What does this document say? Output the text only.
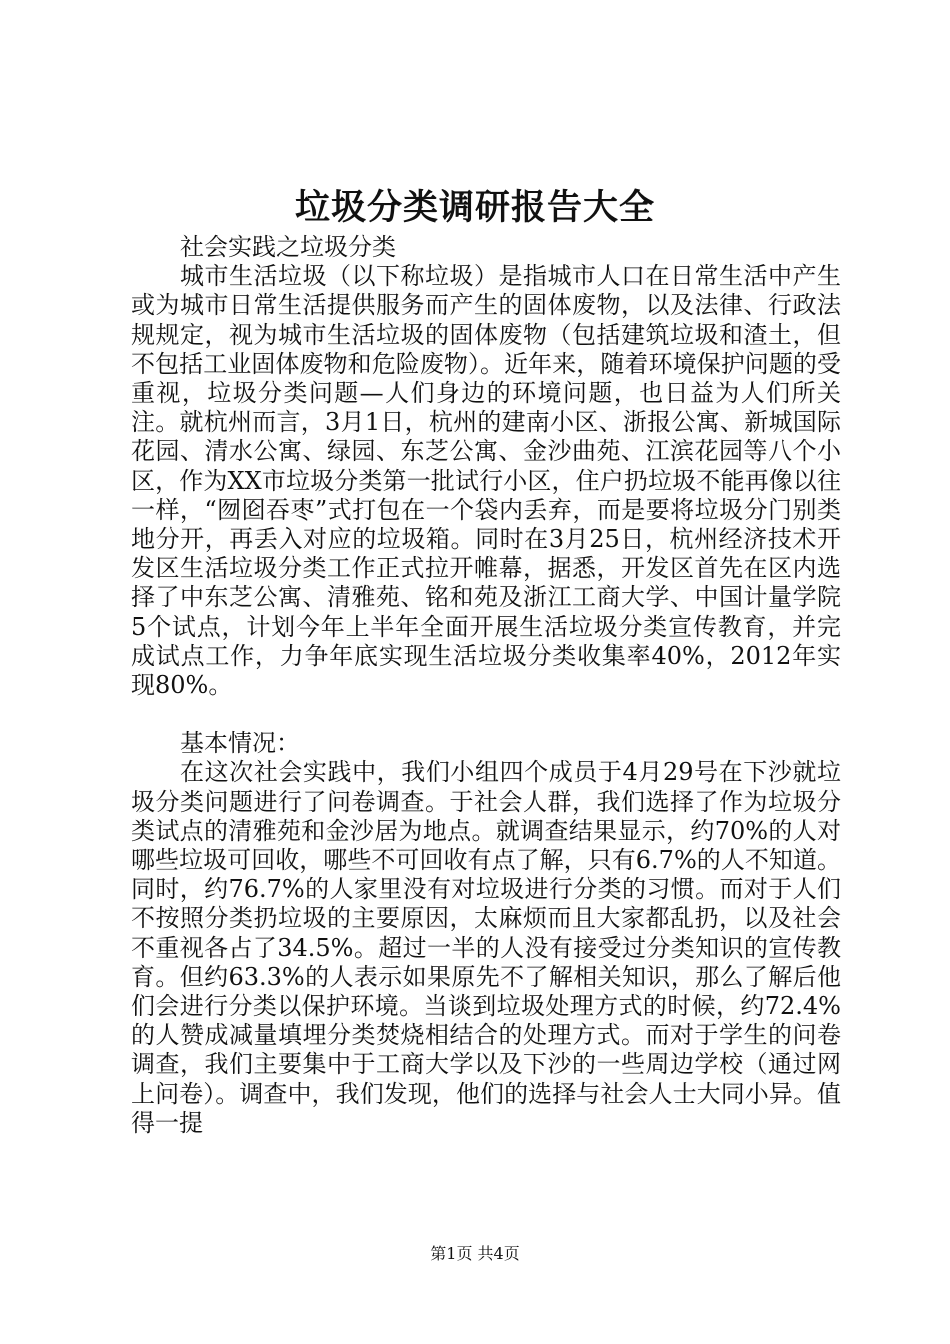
垃圾分类调研报告大全

社会实践之垃圾分类

城市生活垃圾（以下称垃圾）是指城市人口在日常生活中产生或为城市日常生活提供服务而产生的固体废物，以及法律、行政法规规定，视为城市生活垃圾的固体废物（包括建筑垃圾和渣土，但不包括工业固体废物和危险废物）。近年来，随着环境保护问题的受重视，垃圾分类问题—人们身边的环境问题，也日益为人们所关注。就杭州而言，3月1日，杭州的建南小区、浙报公寓、新城国际花园、清水公寓、绿园、东芝公寓、金沙曲苑、江滨花园等八个小区，作为XX市垃圾分类第一批试行小区，住户扔垃圾不能再像以往一样，“囫囵吞枣”式打包在一个袋内丢弃，而是要将垃圾分门别类地分开，再丢入对应的垃圾箱。同时在3月25日，杭州经济技术开发区生活垃圾分类工作正式拉开帷幕，据悉，开发区首先在区内选择了中东芝公寓、清雅苑、铭和苑及浙江工商大学、中国计量学院5个试点，计划今年上半年全面开展生活垃圾分类宣传教育，并完成试点工作，力争年底实现生活垃圾分类收集率40%，2012年实现80%。

基本情况：

在这次社会实践中，我们小组四个成员于4月29号在下沙就垃圾分类问题进行了问卷调查。于社会人群，我们选择了作为垃圾分类试点的清雅苑和金沙居为地点。就调查结果显示，约70%的人对哪些垃圾可回收，哪些不可回收有点了解，只有6.7%的人不知道。同时，约76.7%的人家里没有对垃圾进行分类的习惯。而对于人们不按照分类扔垃圾的主要原因，太麻烦而且大家都乱扔，以及社会不重视各占了34.5%。超过一半的人没有接受过分类知识的宣传教育。但约63.3%的人表示如果原先不了解相关知识，那么了解后他们会进行分类以保护环境。当谈到垃圾处理方式的时候，约72.4%的人赞成减量填埋分类焚烧相结合的处理方式。而对于学生的问卷调查，我们主要集中于工商大学以及下沙的一些周边学校（通过网上问卷）。调查中，我们发现，他们的选择与社会人士大同小异。值得一提

第1页 共4页
